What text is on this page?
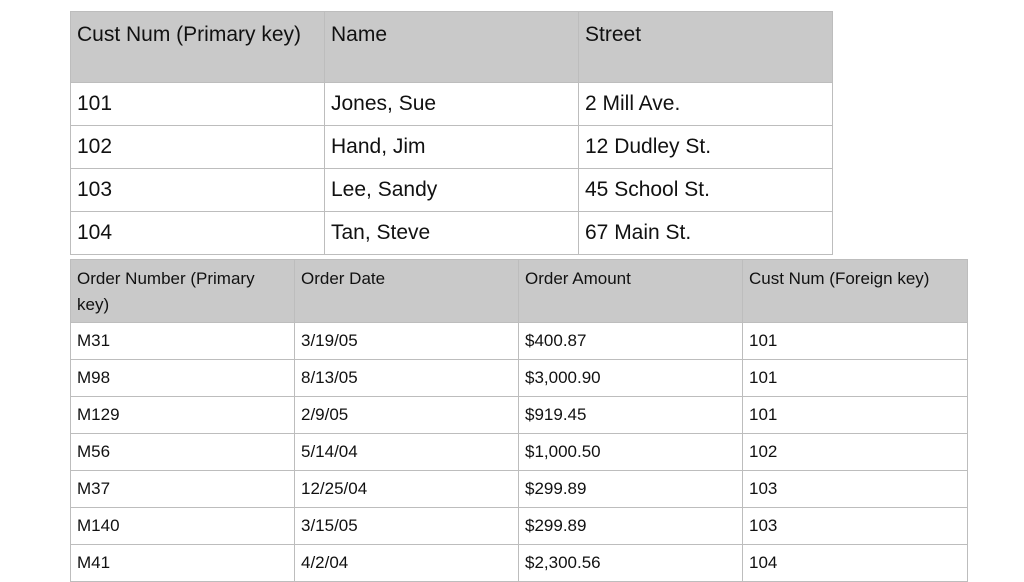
Cust Num (Primary key)	Name	Street
101	Jones, Sue	2 Mill Ave.
102	Hand, Jim	12 Dudley St.
103	Lee, Sandy	45 School St.
104	Tan, Steve	67 Main St.
Order Number (Primary key)	Order Date	Order Amount	Cust Num (Foreign key)
M31	3/19/05	$400.87	101
M98	8/13/05	$3,000.90	101
M129	2/9/05	$919.45	101
M56	5/14/04	$1,000.50	102
M37	12/25/04	$299.89	103
M140	3/15/05	$299.89	103
M41	4/2/04	$2,300.56	104
